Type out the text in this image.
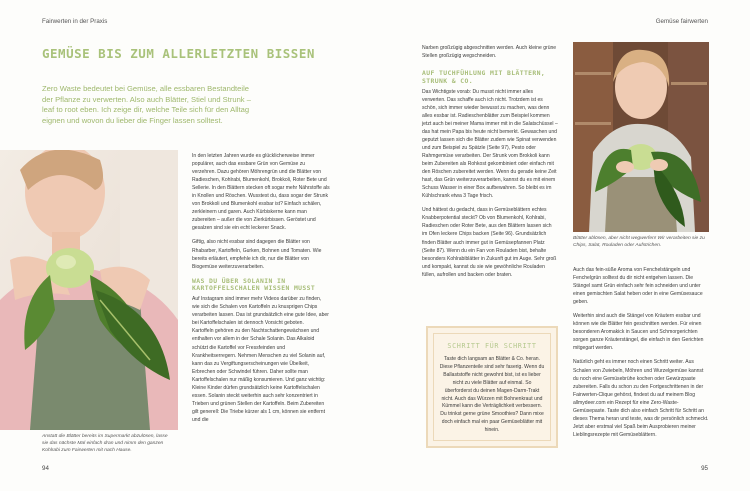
Fairwerten in der Praxis
GEMÜSE BIS ZUM ALLERLETZTEN BISSEN
Zero Waste bedeutet bei Gemüse, alle essbaren Bestandteile der Pflanze zu verwerten. Also auch Blätter, Stiel und Strunk – leaf to root eben. Ich zeige dir, welche Teile sich für den Alltag eignen und wovon du lieber die Finger lassen solltest.
Anstatt die Blätter bereits im Supermarkt abzulösen, lasse sie das nächste Mal einfach dran und nimm den ganzen Kohlrabi zum Fairwerten mit nach Hause.

In den letzten Jahren wurde es glücklicherweise immer populärer, auch das essbare Grün von Gemüse zu verzehren. Dazu gehören Möhrengrün und die Blätter von Radieschen, Kohlrabi, Blumenkohl, Brokkoli, Roter Bete und Sellerie. In den Blättern stecken oft sogar mehr Nährstoffe als in Knollen und Röschen. Wusstest du, dass sogar der Strunk von Brokkoli und Blumenkohl essbar ist? Einfach schälen, zerkleinern und garen. Auch Kürbiskerne kann man zubereiten – außer die von Zierkürbissen. Geröstet und gesalzen sind sie ein echt leckerer Snack.

Giftig, also nicht essbar sind dagegen die Blätter von Rhabarber, Kartoffeln, Gurken, Bohnen und Tomaten. Wie bereits erläutert, empfehle ich dir, nur die Blätter von Biogemüse weiterzuverarbeiten.

WAS DU ÜBER SOLANIN IN KARTOFFELSCHALEN WISSEN MUSST

Auf Instagram sind immer mehr Videos darüber zu finden, wie sich die Schalen von Kartoffeln zu knusprigen Chips verarbeiten lassen. Das ist grundsätzlich eine gute Idee, aber bei Kartoffelschalen ist dennoch Vorsicht geboten.

Kartoffeln gehören zu den Nachtschattengewächsen und enthalten vor allem in der Schale Solanin. Das Alkaloid schützt die Kartoffel vor Fressfeinden und Krankheitserregern. Nehmen Menschen zu viel Solanin auf, kann das zu Vergiftungserscheinungen wie Übelkeit, Erbrechen oder Schwindel führen. Daher sollte man Kartoffelschalen nur mäßig konsumieren. Und ganz wichtig: Kleine Kinder dürfen grundsätzlich keine Kartoffelschalen essen. Solanin steckt weiterhin auch sehr konzentriert in Trieben und grünen Stellen der Kartoffeln. Beim Zubereiten gilt generell: Die Triebe kürzer als 1 cm, können sie entfernt und die

94
Gemüse fairwerten
95

Narben großzügig abgeschnitten werden. Auch kleine grüne Stellen großzügig wegschneiden.

AUF TUCHFÜHLUNG MIT BLÄTTERN, STRUNK & CO.

Das Wichtigste vorab: Du musst nicht immer alles verwerten. Das schaffe auch ich nicht. Trotzdem ist es schön, sich immer wieder bewusst zu machen, was denn alles essbar ist. Radieschenblätter zum Beispiel kommen jetzt auch bei meiner Mama immer mit in die Salatschüssel – das hat mein Papa bis heute nicht bemerkt. Gewaschen und geputzt lassen sich die Blätter zudem wie Spinat verwenden und zum Beispiel zu Spätzle (Seite 97), Pesto oder Rahmgemüse verarbeiten. Der Strunk vom Brokkoli kann beim Zubereiten als Rohkost gekombiniert oder einfach mit den Röschen zubereitet werden. Wenn du gerade keine Zeit hast, das Grün weiterzuverarbeiten, kannst du es mit einem Schuss Wasser in einer Box aufbewahren. So bleibt es im Kühlschrank etwa 3 Tage frisch.

Und hättest du gedacht, dass in Gemüseblättern echtes Knabberpotential steckt? Ob von Blumenkohl, Kohlrabi, Radieschen oder Roter Bete, aus den Blättern lassen sich im Ofen leckere Chips backen (Seite 96). Grundsätzlich finden Blätter auch immer gut in Gemüsepfannen Platz (Seite 87). Wenn du ein Fan von Rouladen bist, behalte besonders Kohlrabiblätter in Zukunft gut im Auge. Sehr groß und kompakt, kannst du sie wie gewöhnliche Rouladen füllen, aufrollen und backen oder braten.

SCHRITT FÜR SCHRITT
Taste dich langsam an Blätter & Co. heran. Diese Pflanzenteile sind sehr faserig. Wenn du Ballaststoffe nicht gewohnt bist, ist es lieber nicht zu viele Blätter auf einmal. So überforderst du deinen Magen-Darm-Trakt nicht. Auch das Würzen mit Bohnenkraut und Kümmel kann die Verträglichkeit verbessern. Du trinkst gerne grüne Smoothies? Dann mixe doch einfach mal ein paar Gemüseblätter mit hinein.
Blätter ablösen, aber nicht wegwerfen! Wir verarbeiten sie zu Chips, Salat, Rouladen oder Aufstrichen.

Auch das fein-süße Aroma von Fenchelstängeln und Fenchelgrün solltest du dir nicht entgehen lassen. Die Stängel samt Grün einfach sehr fein schneiden und unter einen gemischten Salat heben oder in eine Gemüsesauce geben.

Weiterhin sind auch die Stängel von Kräutern essbar und können wie die Blätter fein geschnitten werden. Für einen besonderen Aromakick in Saucen und Schmorgerichten sorgen ganze Kräuterstängel, die einfach in den Gerichten mitgegart werden.

Natürlich geht es immer noch einen Schritt weiter. Aus Schalen von Zwiebeln, Möhren und Wurzelgemüse kannst du noch eine Gemüsebrühe kochen oder Gewürzpaste zubereiten. Falls du schon zu den Fortgeschrittenen in der Fairwerten-Clique gehörst, findest du auf meinem Blog allmydeer.com ein Rezept für eine Zero-Waste-Gemüsepaste. Taste dich also einfach Schritt für Schritt an dieses Thema heran und teste, was dir persönlich schmeckt. Jetzt aber erstmal viel Spaß beim Ausprobieren meiner Lieblingsrezepte mit Gemüseblättern.
